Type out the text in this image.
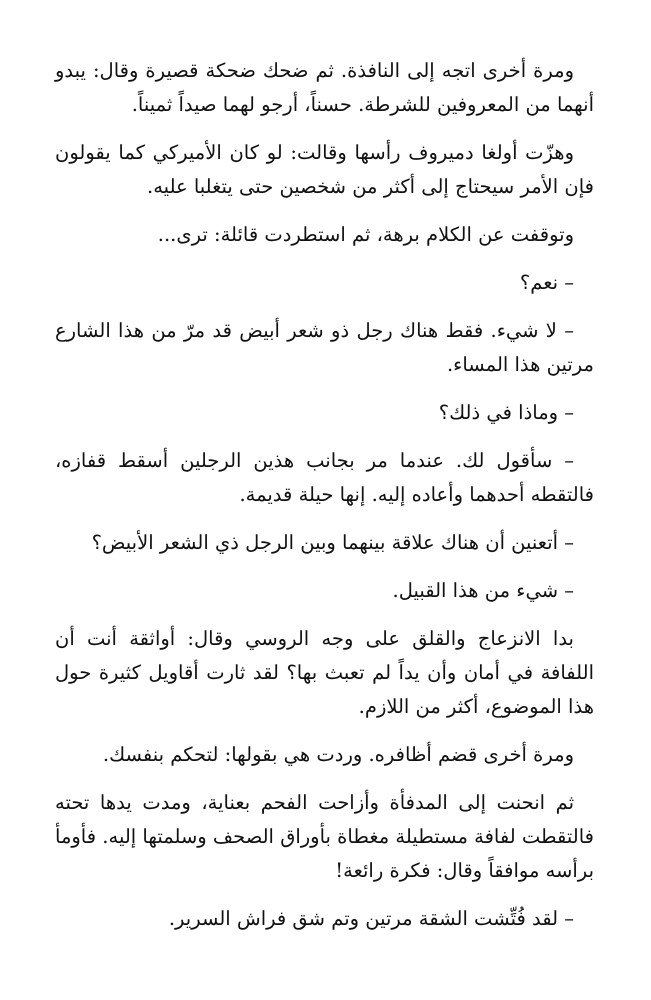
ومرة أخرى اتجه إلى النافذة. ثم ضحك ضحكة قصيرة وقال: يبدو أنهما من المعروفين للشرطة. حسناً، أرجو لهما صيداً ثميناً.

وهزّت أولغا دميروف رأسها وقالت: لو كان الأميركي كما يقولون فإن الأمر سيحتاج إلى أكثر من شخصين حتى يتغلبا عليه.

وتوقفت عن الكلام برهة، ثم استطردت قائلة: ترى...

– نعم؟

– لا شيء. فقط هناك رجل ذو شعر أبيض قد مرّ من هذا الشارع مرتين هذا المساء.

– وماذا في ذلك؟

– سأقول لك. عندما مر بجانب هذين الرجلين أسقط قفازه، فالتقطه أحدهما وأعاده إليه. إنها حيلة قديمة.

– أتعنين أن هناك علاقة بينهما وبين الرجل ذي الشعر الأبيض؟

– شيء من هذا القبيل.

بدا الانزعاج والقلق على وجه الروسي وقال: أواثقة أنت أن اللفافة في أمان وأن يداً لم تعبث بها؟ لقد ثارت أقاويل كثيرة حول هذا الموضوع، أكثر من اللازم.

ومرة أخرى قضم أظافره. وردت هي بقولها: لتحكم بنفسك.

ثم انحنت إلى المدفأة وأزاحت الفحم بعناية، ومدت يدها تحته فالتقطت لفافة مستطيلة مغطاة بأوراق الصحف وسلمتها إليه. فأومأ برأسه موافقاً وقال: فكرة رائعة!

– لقد فُتِّشت الشقة مرتين وتم شق فراش السرير.
